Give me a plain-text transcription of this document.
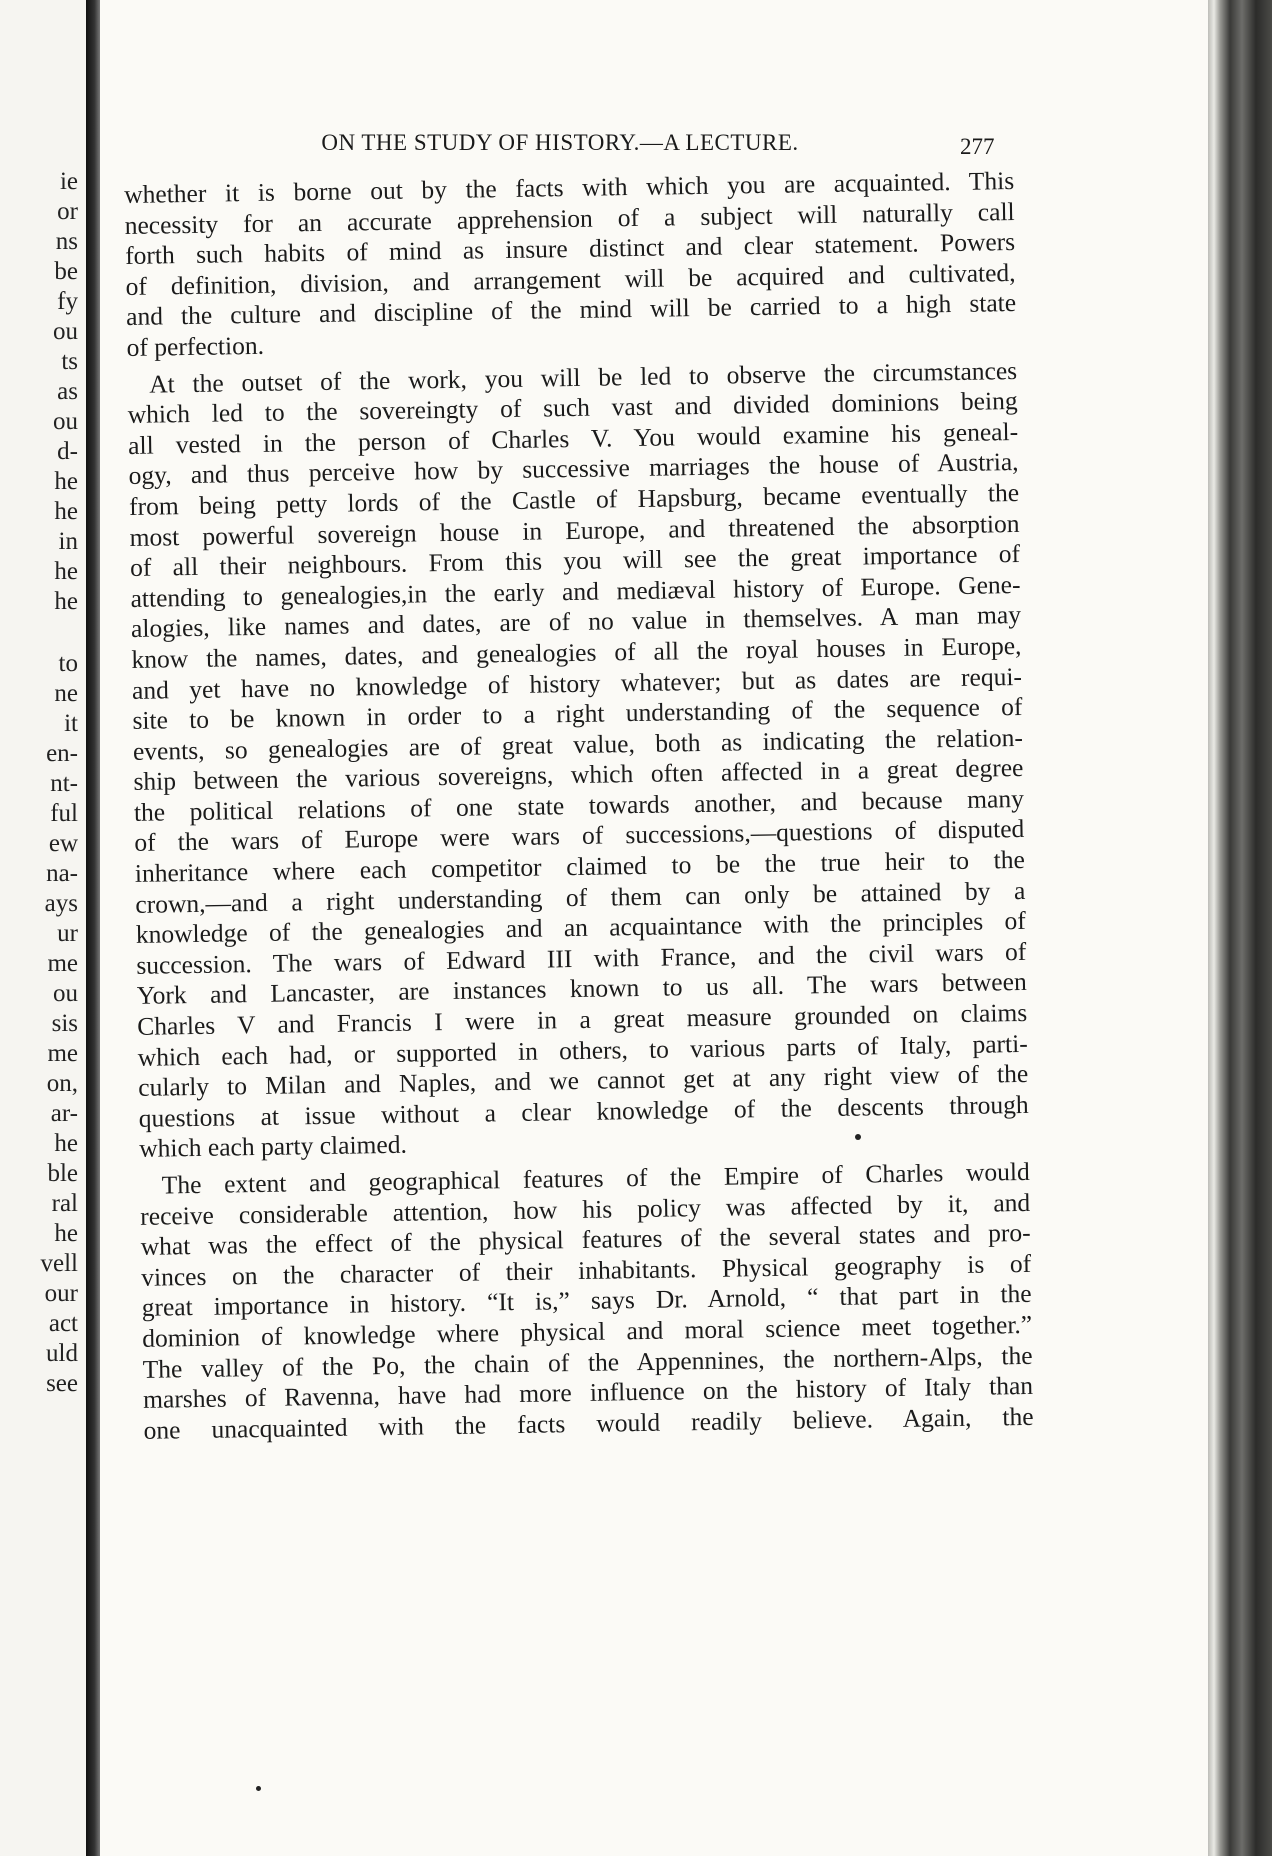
ie
or
ns
be
fy
ou
ts
as
ou
d-
he
he
in
he
he
to
ne
it
en-
nt-
ful
ew
na-
ays
ur
me
ou
sis
me
on,
ar-
he
ble
ral
he
vell
our
act
uld
see
ON THE STUDY OF HISTORY.—A LECTURE.	277
whether it is borne out by the facts with which you are acquainted. This
necessity for an accurate apprehension of a subject will naturally call
forth such habits of mind as insure distinct and clear statement. Powers
of definition, division, and arrangement will be acquired and cultivated,
and the culture and discipline of the mind will be carried to a high state
of perfection.
At the outset of the work, you will be led to observe the circumstances
which led to the sovereingty of such vast and divided dominions being
all vested in the person of Charles V. You would examine his geneal-
ogy, and thus perceive how by successive marriages the house of Austria,
from being petty lords of the Castle of Hapsburg, became eventually the
most powerful sovereign house in Europe, and threatened the absorption
of all their neighbours. From this you will see the great importance of
attending to genealogies,in the early and mediæval history of Europe. Gene-
alogies, like names and dates, are of no value in themselves. A man may
know the names, dates, and genealogies of all the royal houses in Europe,
and yet have no knowledge of history whatever; but as dates are requi-
site to be known in order to a right understanding of the sequence of
events, so genealogies are of great value, both as indicating the relation-
ship between the various sovereigns, which often affected in a great degree
the political relations of one state towards another, and because many
of the wars of Europe were wars of successions,—questions of disputed
inheritance where each competitor claimed to be the true heir to the
crown,—and a right understanding of them can only be attained by a
knowledge of the genealogies and an acquaintance with the principles of
succession. The wars of Edward III with France, and the civil wars of
York and Lancaster, are instances known to us all. The wars between
Charles V and Francis I were in a great measure grounded on claims
which each had, or supported in others, to various parts of Italy, parti-
cularly to Milan and Naples, and we cannot get at any right view of the
questions at issue without a clear knowledge of the descents through
which each party claimed.
The extent and geographical features of the Empire of Charles would
receive considerable attention, how his policy was affected by it, and
what was the effect of the physical features of the several states and pro-
vinces on the character of their inhabitants. Physical geography is of
great importance in history. “It is,” says Dr. Arnold, “ that part in the
dominion of knowledge where physical and moral science meet together.”
The valley of the Po, the chain of the Appennines, the northern-Alps, the
marshes of Ravenna, have had more influence on the history of Italy than
one unacquainted with the facts would readily believe. Again, the
